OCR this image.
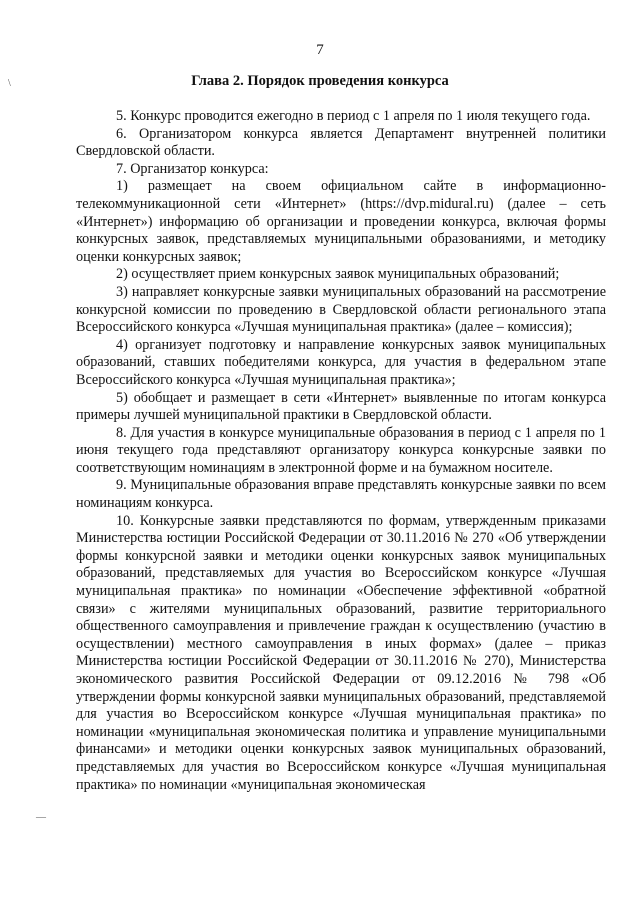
7
Глава 2. Порядок проведения конкурса

5. Конкурс проводится ежегодно в период с 1 апреля по 1 июля текущего года.

6. Организатором конкурса является Департамент внутренней политики Свердловской области.

7. Организатор конкурса:

1) размещает на своем официальном сайте в информационно-телекоммуникационной сети «Интернет» (https://dvp.midural.ru) (далее – сеть «Интернет») информацию об организации и проведении конкурса, включая формы конкурсных заявок, представляемых муниципальными образованиями, и методику оценки конкурсных заявок;

2) осуществляет прием конкурсных заявок муниципальных образований;

3) направляет конкурсные заявки муниципальных образований на рассмотрение конкурсной комиссии по проведению в Свердловской области регионального этапа Всероссийского конкурса «Лучшая муниципальная практика» (далее – комиссия);

4) организует подготовку и направление конкурсных заявок муниципальных образований, ставших победителями конкурса, для участия в федеральном этапе Всероссийского конкурса «Лучшая муниципальная практика»;

5) обобщает и размещает в сети «Интернет» выявленные по итогам конкурса примеры лучшей муниципальной практики в Свердловской области.

8. Для участия в конкурсе муниципальные образования в период с 1 апреля по 1 июня текущего года представляют организатору конкурса конкурсные заявки по соответствующим номинациям в электронной форме и на бумажном носителе.

9. Муниципальные образования вправе представлять конкурсные заявки по всем номинациям конкурса.

10. Конкурсные заявки представляются по формам, утвержденным приказами Министерства юстиции Российской Федерации от 30.11.2016 № 270 «Об утверждении формы конкурсной заявки и методики оценки конкурсных заявок муниципальных образований, представляемых для участия во Всероссийском конкурсе «Лучшая муниципальная практика» по номинации «Обеспечение эффективной «обратной связи» с жителями муниципальных образований, развитие территориального общественного самоуправления и привлечение граждан к осуществлению (участию в осуществлении) местного самоуправления в иных формах» (далее – приказ Министерства юстиции Российской Федерации от 30.11.2016 № 270), Министерства экономического развития Российской Федерации от 09.12.2016 № 798 «Об утверждении формы конкурсной заявки муниципальных образований, представляемой для участия во Всероссийском конкурсе «Лучшая муниципальная практика» по номинации «муниципальная экономическая политика и управление муниципальными финансами» и методики оценки конкурсных заявок муниципальных образований, представляемых для участия во Всероссийском конкурсе «Лучшая муниципальная практика» по номинации «муниципальная экономическая

\
—
